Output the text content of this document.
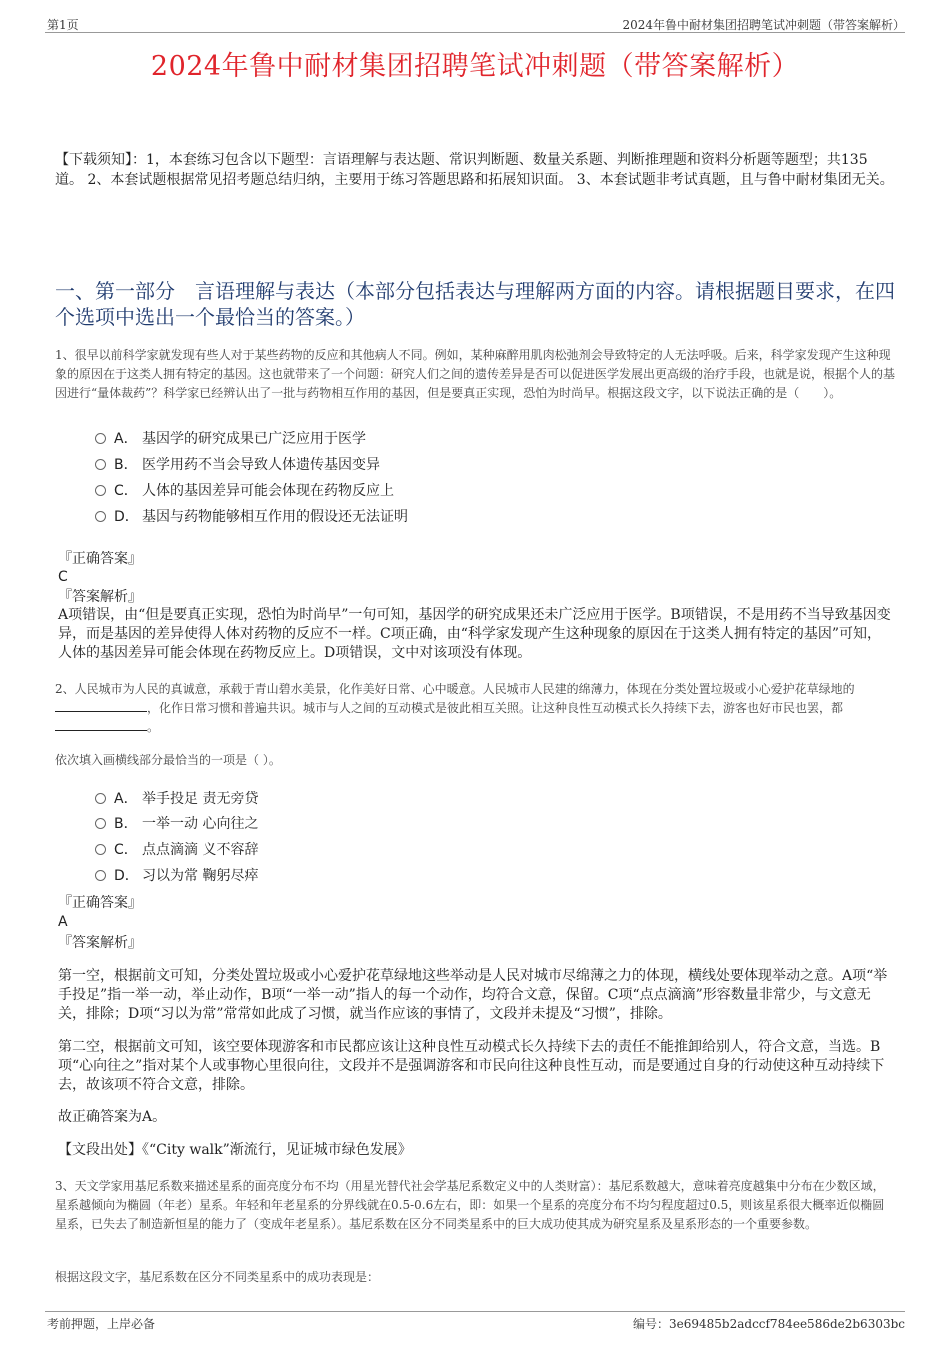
第1页	2024年鲁中耐材集团招聘笔试冲刺题（带答案解析）
2024年鲁中耐材集团招聘笔试冲刺题（带答案解析）
【下载须知】：1，本套练习包含以下题型：言语理解与表达题、常识判断题、数量关系题、判断推理题和资料分析题等题型；共135道。 2、本套试题根据常见招考题总结归纳，主要用于练习答题思路和拓展知识面。 3、本套试题非考试真题，且与鲁中耐材集团无关。
一、第一部分　言语理解与表达（本部分包括表达与理解两方面的内容。请根据题目要求，在四个选项中选出一个最恰当的答案。）
1、很早以前科学家就发现有些人对于某些药物的反应和其他病人不同。例如，某种麻醉用肌肉松弛剂会导致特定的人无法呼吸。后来，科学家发现产生这种现象的原因在于这类人拥有特定的基因。这也就带来了一个问题：研究人们之间的遗传差异是否可以促进医学发展出更高级的治疗手段，也就是说，根据个人的基因进行“量体裁药”？科学家已经辨认出了一批与药物相互作用的基因，但是要真正实现，恐怕为时尚早。根据这段文字，以下说法正确的是（　　）。
A． 基因学的研究成果已广泛应用于医学
B． 医学用药不当会导致人体遗传基因变异
C． 人体的基因差异可能会体现在药物反应上
D． 基因与药物能够相互作用的假设还无法证明
『正确答案』
C
『答案解析』
A项错误，由“但是要真正实现，恐怕为时尚早”一句可知，基因学的研究成果还未广泛应用于医学。B项错误，不是用药不当导致基因变异，而是基因的差异使得人体对药物的反应不一样。C项正确，由“科学家发现产生这种现象的原因在于这类人拥有特定的基因”可知，人体的基因差异可能会体现在药物反应上。D项错误，文中对该项没有体现。
2、人民城市为人民的真诚意，承载于青山碧水美景，化作美好日常、心中暖意。人民城市人民建的绵薄力，体现在分类处置垃圾或小心爱护花草绿地的，化作日常习惯和普遍共识。城市与人之间的互动模式是彼此相互关照。让这种良性互动模式长久持续下去，游客也好市民也罢，都。
依次填入画横线部分最恰当的一项是（ ）。
A． 举手投足 责无旁贷
B． 一举一动 心向往之
C． 点点滴滴 义不容辞
D． 习以为常 鞠躬尽瘁
『正确答案』
A
『答案解析』
第一空，根据前文可知，分类处置垃圾或小心爱护花草绿地这些举动是人民对城市尽绵薄之力的体现，横线处要体现举动之意。A项“举手投足”指一举一动，举止动作，B项“一举一动”指人的每一个动作，均符合文意，保留。C项“点点滴滴”形容数量非常少，与文意无关，排除；D项“习以为常”常常如此成了习惯，就当作应该的事情了，文段并未提及“习惯”，排除。
第二空，根据前文可知，该空要体现游客和市民都应该让这种良性互动模式长久持续下去的责任不能推卸给别人，符合文意，当选。B项“心向往之”指对某个人或事物心里很向往，文段并不是强调游客和市民向往这种良性互动，而是要通过自身的行动使这种互动持续下去，故该项不符合文意，排除。
故正确答案为A。
【文段出处】《“City walk”渐流行，见证城市绿色发展》
3、天文学家用基尼系数来描述星系的面亮度分布不均（用星光替代社会学基尼系数定义中的人类财富）：基尼系数越大，意味着亮度越集中分布在少数区域，星系越倾向为椭圆（年老）星系。年轻和年老星系的分界线就在0.5-0.6左右，即：如果一个星系的亮度分布不均匀程度超过0.5，则该星系很大概率近似椭圆星系，已失去了制造新恒星的能力了（变成年老星系）。基尼系数在区分不同类星系中的巨大成功使其成为研究星系及星系形态的一个重要参数。
根据这段文字，基尼系数在区分不同类星系中的成功表现是：
考前押题，上岸必备	编号：3e69485b2adccf784ee586de2b6303bc
